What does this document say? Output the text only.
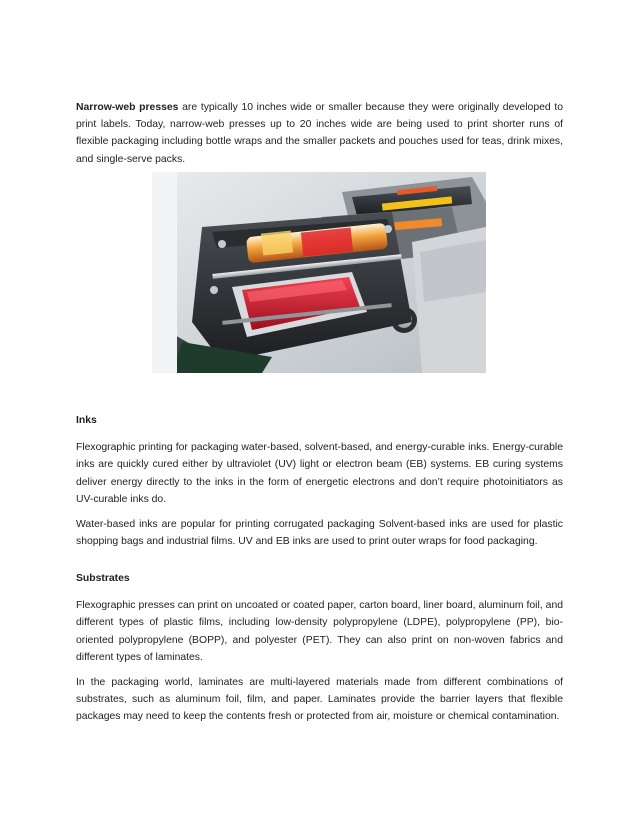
Narrow-web presses are typically 10 inches wide or smaller because they were originally developed to print labels. Today, narrow-web presses up to 20 inches wide are being used to print shorter runs of flexible packaging including bottle wraps and the smaller packets and pouches used for teas, drink mixes, and single-serve packs.

Inks

Flexographic printing for packaging water-based, solvent-based, and energy-curable inks. Energy-curable inks are quickly cured either by ultraviolet (UV) light or electron beam (EB) systems. EB curing systems deliver energy directly to the inks in the form of energetic electrons and don’t require photoinitiators as UV-curable inks do.

Water-based inks are popular for printing corrugated packaging Solvent-based inks are used for plastic shopping bags and industrial films. UV and EB inks are used to print outer wraps for food packaging.

Substrates

Flexographic presses can print on uncoated or coated paper, carton board, liner board, aluminum foil, and different types of plastic films, including low-density polypropylene (LDPE), polypropylene (PP), bio-oriented polypropylene (BOPP), and polyester (PET). They can also print on non-woven fabrics and different types of laminates.

In the packaging world, laminates are multi-layered materials made from different combinations of substrates, such as aluminum foil, film, and paper. Laminates provide the barrier layers that flexible packages may need to keep the contents fresh or protected from air, moisture or chemical contamination.
